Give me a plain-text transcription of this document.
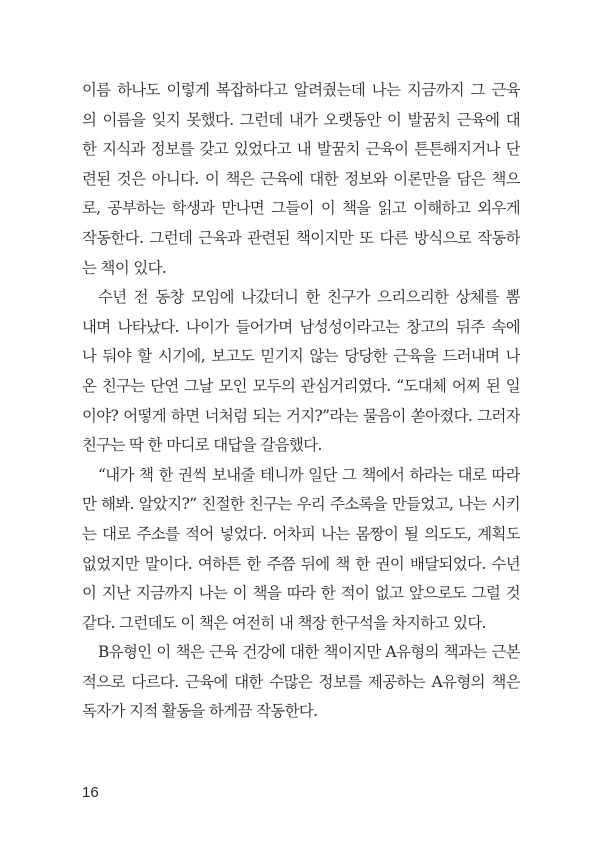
이름 하나도 이렇게 복잡하다고 알려줬는데 나는 지금까지 그 근육
의 이름을 잊지 못했다. 그런데 내가 오랫동안 이 발꿈치 근육에 대
한 지식과 정보를 갖고 있었다고 내 발꿈치 근육이 튼튼해지거나 단
련된 것은 아니다. 이 책은 근육에 대한 정보와 이론만을 담은 책으
로, 공부하는 학생과 만나면 그들이 이 책을 읽고 이해하고 외우게
작동한다. 그런데 근육과 관련된 책이지만 또 다른 방식으로 작동하
는 책이 있다.

수년 전 동창 모임에 나갔더니 한 친구가 으리으리한 상체를 뽐
내며 나타났다. 나이가 들어가며 남성성이라고는 창고의 뒤주 속에
나 둬야 할 시기에, 보고도 믿기지 않는 당당한 근육을 드러내며 나
온 친구는 단연 그날 모인 모두의 관심거리였다. “도대체 어찌 된 일
이야? 어떻게 하면 너처럼 되는 거지?”라는 물음이 쏟아졌다. 그러자
친구는 딱 한 마디로 대답을 갈음했다.

“내가 책 한 권씩 보내줄 테니까 일단 그 책에서 하라는 대로 따라
만 해봐. 알았지?” 친절한 친구는 우리 주소록을 만들었고, 나는 시키
는 대로 주소를 적어 넣었다. 어차피 나는 몸짱이 될 의도도, 계획도
없었지만 말이다. 여하튼 한 주쯤 뒤에 책 한 권이 배달되었다. 수년
이 지난 지금까지 나는 이 책을 따라 한 적이 없고 앞으로도 그럴 것
같다. 그런데도 이 책은 여전히 내 책장 한구석을 차지하고 있다.

B유형인 이 책은 근육 건강에 대한 책이지만 A유형의 책과는 근본
적으로 다르다. 근육에 대한 수많은 정보를 제공하는 A유형의 책은
독자가 지적 활동을 하게끔 작동한다.

16
